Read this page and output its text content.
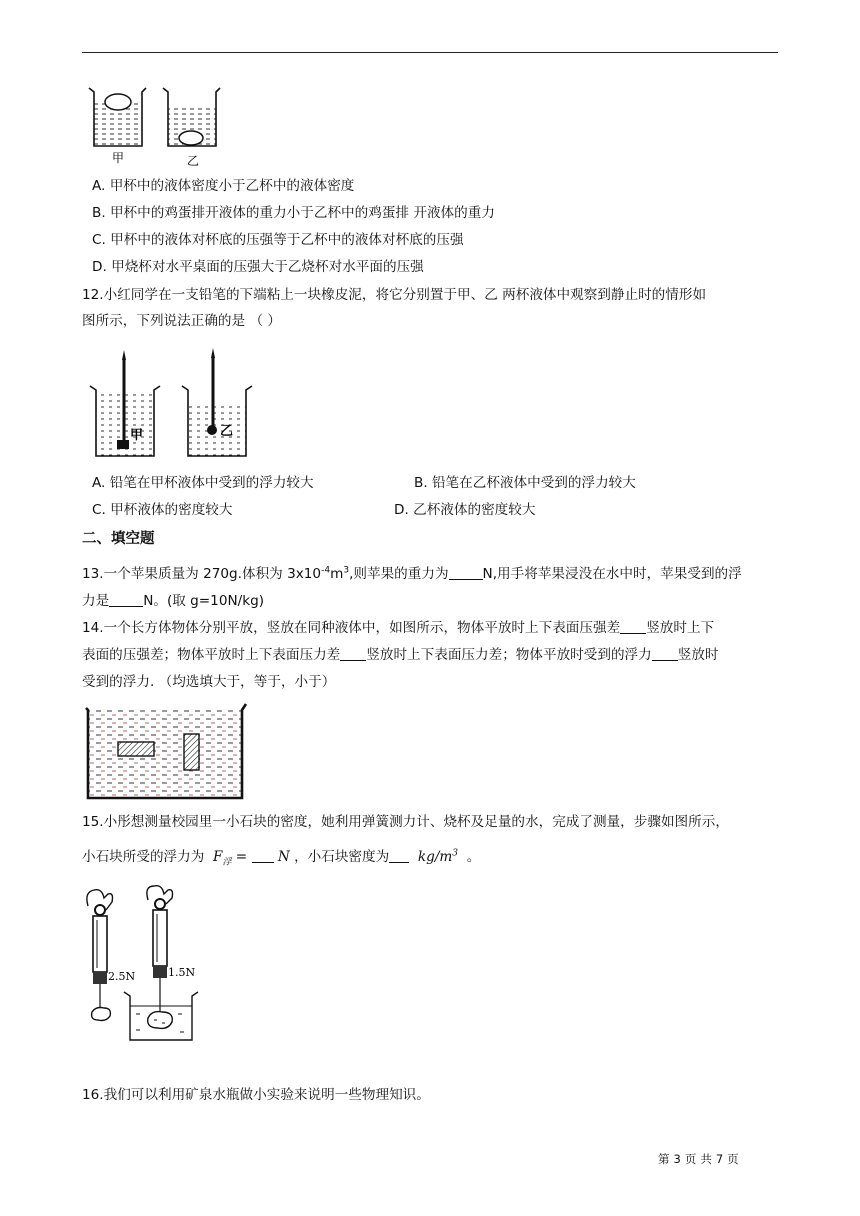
甲	乙
A. 甲杯中的液体密度小于乙杯中的液体密度
B. 甲杯中的鸡蛋排开液体的重力小于乙杯中的鸡蛋排 开液体的重力
C. 甲杯中的液体对杯底的压强等于乙杯中的液体对杯底的压强
D. 甲烧杯对水平桌面的压强大于乙烧杯对水平面的压强
12.小红同学在一支铅笔的下端粘上一块橡皮泥，将它分别置于甲、乙 两杯液体中观察到静止时的情形如
图所示，下列说法正确的是 （ ）
甲	乙
A. 铅笔在甲杯液体中受到的浮力较大	B. 铅笔在乙杯液体中受到的浮力较大
C. 甲杯液体的密度较大	D. 乙杯液体的密度较大
二、填空题
13.一个苹果质量为 270g.体积为 $3x10^{-4}m^3$,则苹果的重力为	N,用手将苹果浸没在水中时，苹果受到的浮
力是	N。(取 g=10N/kg)
14.一个长方体物体分别平放，竖放在同种液体中，如图所示，物体平放时上下表面压强差 竖放时上下
表面的压强差；物体平放时上下表面压力差 竖放时上下表面压力差；物体平放时受到的浮力 竖放时
受到的浮力. （均选填大于，等于，小于）
15.小彤想测量校园里一小石块的密度，她利用弹簧测力计、烧杯及足量的水，完成了测量，步骤如图所示，
小石块所受的浮力为 $F_浮 = N$ ，小石块密度为 $kg/m^3$ 。
2.5N	1.5N
16.我们可以利用矿泉水瓶做小实验来说明一些物理知识。
第 3 页 共 7 页
